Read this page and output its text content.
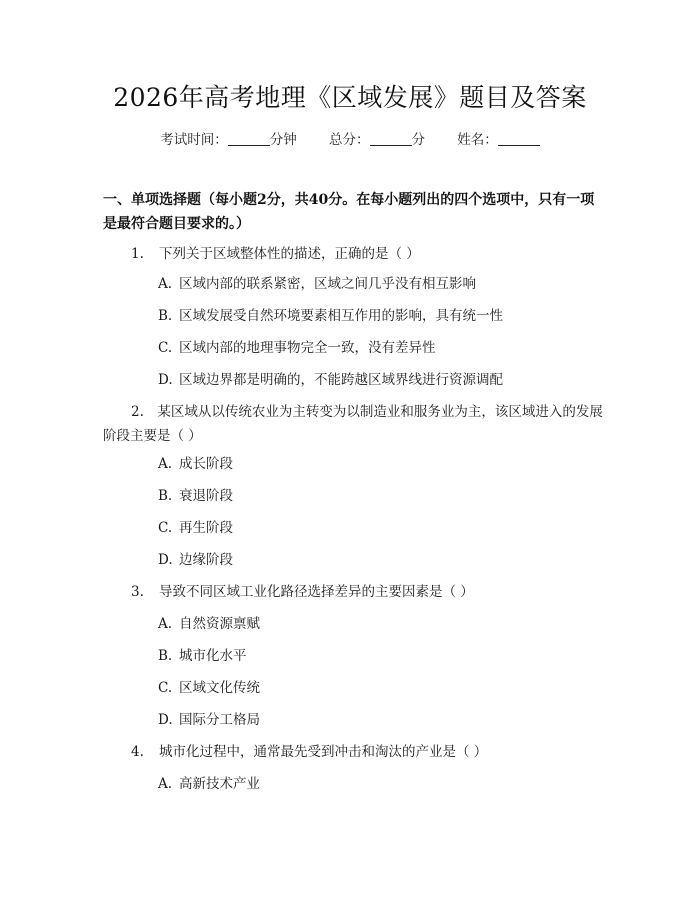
2026年高考地理《区域发展》题目及答案
考试时间：	分钟 总分：	分 姓名：
一、单项选择题（每小题2分，共40分。在每小题列出的四个选项中，只有一项是最符合题目要求的。）
1. 下列关于区域整体性的描述，正确的是（ ）
A. 区域内部的联系紧密，区域之间几乎没有相互影响
B. 区域发展受自然环境要素相互作用的影响，具有统一性
C. 区域内部的地理事物完全一致，没有差异性
D. 区域边界都是明确的，不能跨越区域界线进行资源调配
2.   某区域从以传统农业为主转变为以制造业和服务业为主，该区域进入的发展阶段主要是（ ）
A. 成长阶段
B. 衰退阶段
C. 再生阶段
D. 边缘阶段
3. 导致不同区域工业化路径选择差异的主要因素是（ ）
A. 自然资源禀赋
B. 城市化水平
C. 区域文化传统
D. 国际分工格局
4. 城市化过程中，通常最先受到冲击和淘汰的产业是（ ）
A. 高新技术产业
